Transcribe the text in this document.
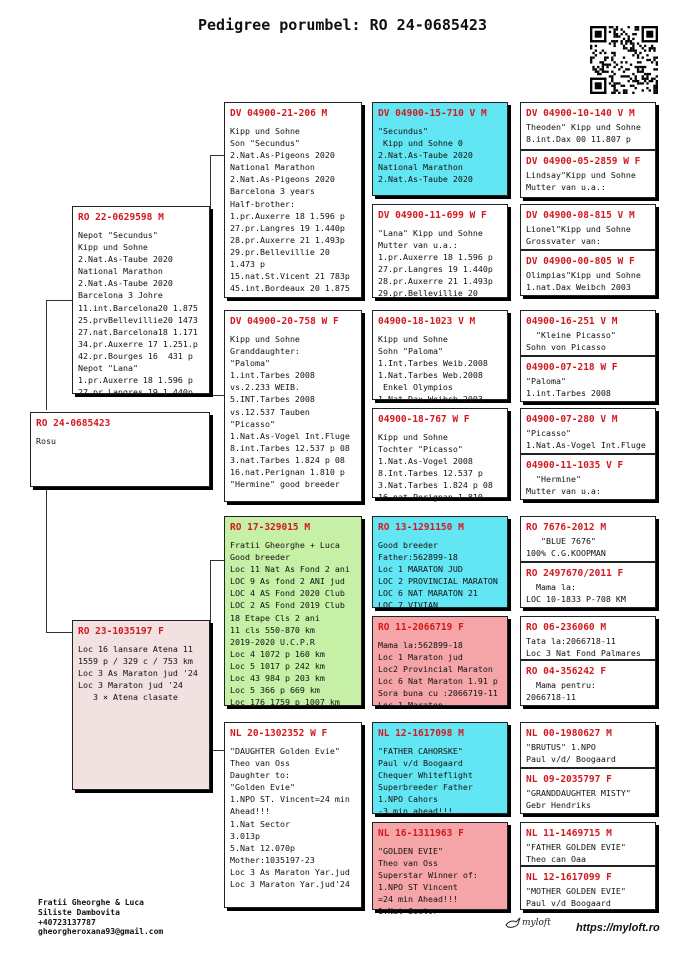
Pedigree porumbel: RO 24-0685423
RO 24-0685423
Rosu
RO 22-0629598 M
Nepot "Secundus"
Kipp und Sohne
2.Nat.As-Taube 2020
National Marathon
2.Nat.As-Taube 2020
Barcelona 3 Johre
11.int.Barcelona20 1.875
25.prvBellevillie20 1473
27.nat.Barcelona18 1.171
34.pr.Auxerre 17 1.251.p
42.pr.Bourges 16  431 p
Nepot "Lana"
1.pr.Auxerre 18 1.596 p
27.pr.Langres 19 1.440p
RO 23-1035197 F
Loc 16 lansare Atena 11
1559 p / 329 c / 753 km
Loc 3 As Maraton jud '24
Loc 3 Maraton jud '24
3 × Atena clasate
DV 04900-21-206 M
Kipp und Sohne
Son "Secundus"
2.Nat.As-Pigeons 2020
National Marathon
2.Nat.As-Pigeons 2020
Barcelona 3 years
Half-brother:
1.pr.Auxerre 18 1.596 p
27.pr.Langres 19 1.440p
28.pr.Auxerre 21 1.493p
29.pr.Bellevillie 20
1.473 p
15.nat.St.Vicent 21 783p
45.int.Bordeaux 20 1.875
DV 04900-20-758 W F
Kipp und Sohne
Granddaughter:
"Paloma"
1.int.Tarbes 2008
vs.2.233 WEIB.
5.INT.Tarbes 2008
vs.12.537 Tauben
"Picasso"
1.Nat.As-Vogel Int.Fluge
8.int.Tarbes 12.537 p 08
3.nat.Tarbes 1.824 p 08
16.nat.Perignan 1.810 p
"Hermine" good breeder
RO 17-329015 M
Fratii Gheorghe + Luca
Good breeder
Loc 11 Nat As Fond 2 ani
LOC 9 As fond 2 ANI jud
LOC 4 AS Fond 2020 Club
LOC 2 AS Fond 2019 Club
18 Etape Cls 2 ani
11 cls 550-870 km
2019-2020 U.C.P.R
Loc 4 1072 p 160 km
Loc 5 1017 p 242 km
Loc 43 984 p 203 km
Loc 5 366 p 669 km
Loc 176 1759 p 1007 km
NL 20-1302352 W F
"DAUGHTER Golden Evie"
Theo van Oss
Daughter to:
"Golden Evie"
1.NPO ST. Vincent=24 min
Ahead!!!
1.Nat Sector
3.013p
5.Nat 12.070p
Mother:1035197-23
Loc 3 As Maraton Yar.jud
Loc 3 Maraton Yar.jud'24
DV 04900-15-710 V M
"Secundus"
Kipp und Sohne 0
2.Nat.As-Taube 2020
National Marathon
2.Nat.As-Taube 2020
DV 04900-11-699 W F
"Lana" Kipp und Sohne
Mutter van u.a.:
1.pr.Auxerre 18 1.596 p
27.pr.Langres 19 1.440p
28.pr.Auxerre 21 1.493p
29.pr.Bellevillie 20
04900-18-1023 V M
Kipp und Sohne
Sohn "Paloma"
1.Int.Tarbes Weib.2008
1.Nat.Tarbes Web.2008
Enkel Olympios
1.Nat.Dax Weibch 2003
04900-18-767 W F
Kipp und Sohne
Tochter "Picasso"
1.Nat.As-Vogel 2008
8.Int.Tarbes 12.537 p
3.Nat.Tarbes 1.824 p 08
16.nat.Perignan 1.810
RO 13-1291150 M
Good breeder
Father:562899-18
Loc 1 MARATON JUD
LOC 2 PROVINCIAL MARATON
LOC 6 NAT MARATON 21
LOC 7 VIVIAN
RO 11-2066719 F
Mama la:562899-18
Loc 1 Maraton jud
Loc2 Provincial Maraton
Loc 6 Nat Maraton 1.91 p
Sora buna cu :2066719-11
Loc 1 Maraton
NL 12-1617098 M
"FATHER CAHORSKE"
Paul v/d Boogaard
Chequer Whiteflight
Superbreeder Father
1.NPO Cahors
-3 min ahead!!!
NL 16-1311963 F
"GOLDEN EVIE"
Theo van Oss
Superstar Winner of:
1.NPO ST Vincent
=24 min Ahead!!!
1.Nat Sector
DV 04900-10-140 V M
Theoden" Kipp und Sohne
8.int.Dax 00 11.807 p
DV 04900-05-2859 W F
Lindsay"Kipp und Sohne
Mutter van u.a.:
DV 04900-08-815 V M
Lionel"Kipp und Sohne
Grossvater van:
DV 04900-00-805 W F
Olimpias"Kipp und Sohne
1.nat.Dax Weibch 2003
04900-16-251 V M
"Kleine Picasso"
Sohn von Picasso
04900-07-218 W F
"Paloma"
1.int.Tarbes 2008
04900-07-280 V M
"Picasso"
1.Nat.As-Vogel Int.Fluge
04900-11-1035 V F
"Hermine"
Mutter van u.a:
RO 7676-2012 M
"BLUE 7676"
100% C.G.KOOPMAN
RO 2497670/2011 F
Mama la:
LOC 10-1833 P-708 KM
RO 06-236060 M
Tata la:2066718-11
Loc 3 Nat Fond Palmares
RO 04-356242 F
Mama pentru:
2066718-11
NL 00-1980627 M
"BRUTUS" 1.NPO
Paul v/d/ Boogaard
NL 09-2035797 F
"GRANDDAUGHTER MISTY"
Gebr Hendriks
NL 11-1469715 M
"FATHER GOLDEN EVIE"
Theo can Oaa
NL 12-1617099 F
"MOTHER GOLDEN EVIE"
Paul v/d Boogaard
Fratii Gheorghe & Luca
Siliste Dambovita
+40723137787
gheorgheroxana93@gmail.com
myloft https://myloft.ro
